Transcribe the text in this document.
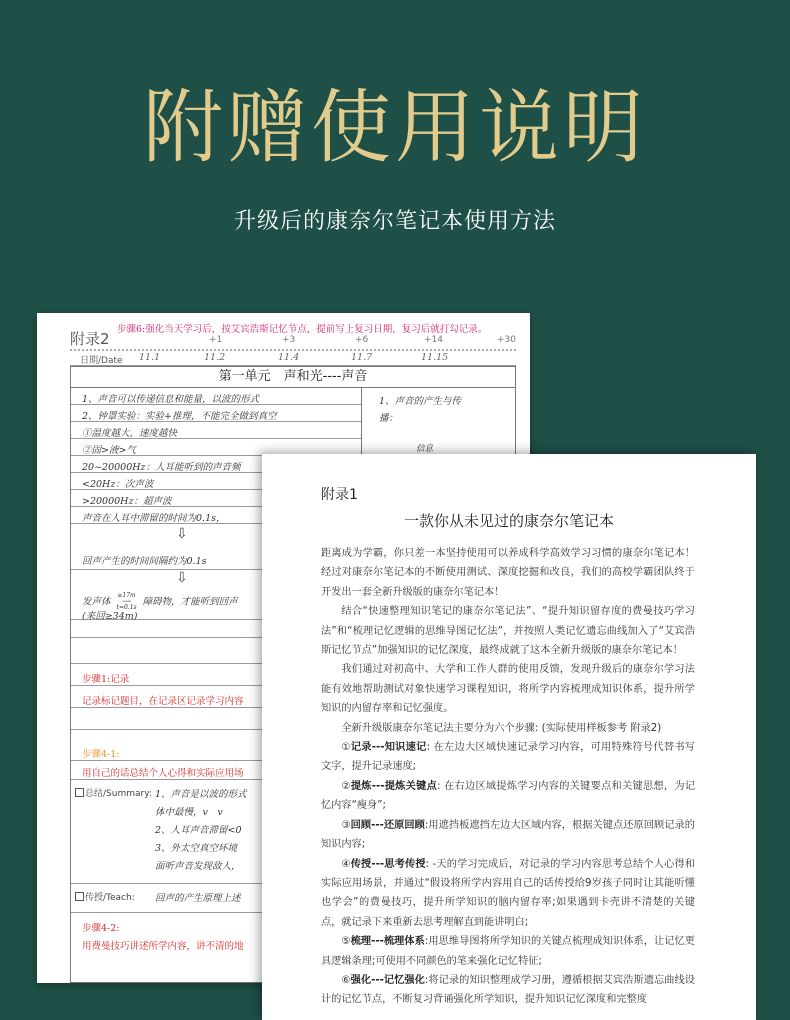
附赠使用说明
升级后的康奈尔笔记本使用方法
步骤6:强化当天学习后，按艾宾浩斯记忆节点，提前写上复习日期，复习后就打勾记录。
附录2	+1	+3	+6	+14	+30
日期/Date 11.1	11.2	11.4	11.7	11.15
第一单元　声和光----声音
1、声音可以传递信息和能量，以波的形式
2、钟罩实验：实验+推理，不能完全做到真空
①温度越大，速度越快
②固>液>气
20~20000Hz：人耳能听到的声音频
<20Hz：次声波
>20000Hz：超声波
声音在人耳中滞留的时间为0.1s，
⇩
回声产生的时间间隔约为0.1s
⇩
发声体 ≥17m
⟶
t=0.1s 障碍物，才能听到回声
(来回≥34m)
1、声音的产生与传
播：
信息
步骤1:记录
记录标记题目，在记录区记录学习内容
步骤4-1:
用自己的话总结个人心得和实际应用场
总结/Summary: 1、声音是以波的形式
体中最慢，v　v
2、人耳声音滞留<0
3、外太空真空环境
面听声音发现敌人，
传授/Teach: 回声的产生原理上述
步骤4-2:
用费曼技巧讲述所学内容，讲不清的地
附录1
一款你从未见过的康奈尔笔记本

距离成为学霸，你只差一本坚持使用可以养成科学高效学习习惯的康奈尔笔记本！经过对康奈尔笔记本的不断使用测试、深度挖掘和改良，我们的高校学霸团队终于开发出一套全新升级版的康奈尔笔记本！

结合“快速整理知识笔记的康奈尔笔记法”、“提升知识留存度的费曼技巧学习法”和“梳理记忆逻辑的思维导图记忆法”，并按照人类记忆遗忘曲线加入了“艾宾浩斯记忆节点”加强知识的记忆深度，最终成就了这本全新升级版的康奈尔笔记本！

我们通过对初高中、大学和工作人群的使用反馈，发现升级后的康奈尔学习法能有效地帮助测试对象快速学习课程知识，将所学内容梳理成知识体系，提升所学知识的内留存率和记忆强度。

全新升级版康奈尔笔记法主要分为六个步骤: (实际使用样板参考 附录2)

①记录---知识速记: 在左边大区域快速记录学习内容，可用特殊符号代替书写文字，提升记录速度;

②提炼---提炼关键点: 在右边区域提炼学习内容的关键要点和关键思想，为记忆内容“瘦身”;

③回顾---还原回顾:用遮挡板遮挡左边大区域内容，根据关键点还原回顾记录的知识内容;

④传授---思考传授: -天的学习完成后，对记录的学习内容思考总结个人心得和实际应用场景，并通过“假设将所学内容用自己的话传授给9岁孩子同时让其能听懂也学会”的费曼技巧，提升所学知识的脑内留存率;如果遇到卡壳讲不清楚的关键点，就记录下来重新去思考理解直到能讲明白;

⑤梳理---梳理体系:用思维导图将所学知识的关键点梳理成知识体系，让记忆更具逻辑条理;可使用不同颜色的笔来强化记忆特征;

⑥强化---记忆强化:将记录的知识整理成学习册，遵循根据艾宾浩斯遗忘曲线设计的记忆节点，不断复习背诵强化所学知识，提升知识记忆深度和完整度
